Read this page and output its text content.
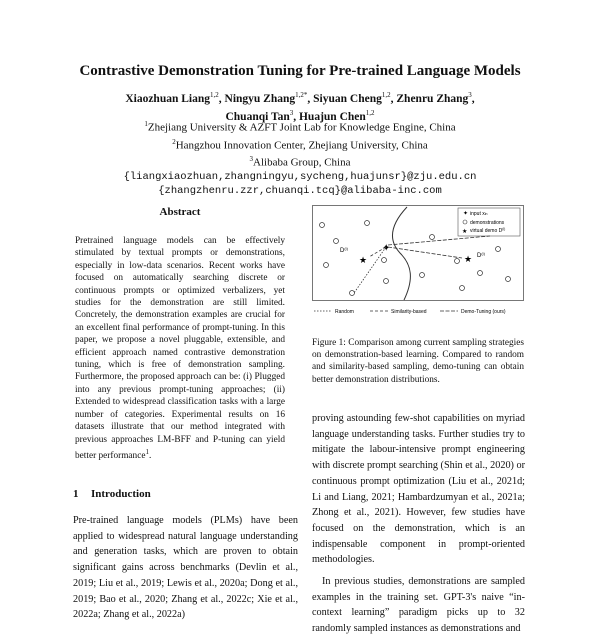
Contrastive Demonstration Tuning for Pre-trained Language Models
Xiaozhuan Liang$^{1,2}$, Ningyu Zhang$^{1,2*}$, Siyuan Cheng$^{1,2}$, Zhenru Zhang$^3$,
Chuanqi Tan$^3$, Huajun Chen$^{1,2}$
$^1$Zhejiang University & AZFT Joint Lab for Knowledge Engine, China
$^2$Hangzhou Innovation Center, Zhejiang University, China
$^3$Alibaba Group, China
{liangxiaozhuan,zhangningyu,sycheng,huajunsr}@zju.edu.cn
{zhangzhenru.zzr,chuanqi.tcq}@alibaba-inc.com
Abstract
Pretrained language models can be effectively stimulated by textual prompts or demonstrations, especially in low-data scenarios. Recent works have focused on automatically searching discrete or continuous prompts or optimized verbalizers, yet studies for the demonstration are still limited. Concretely, the demonstration examples are crucial for an excellent final performance of prompt-tuning. In this paper, we propose a novel pluggable, extensible, and efficient approach named contrastive demonstration tuning, which is free of demonstration sampling. Furthermore, the proposed approach can be: (i) Plugged into any previous prompt-tuning approaches; (ii) Extended to widespread classification tasks with a large number of categories. Experimental results on 16 datasets illustrate that our method integrated with previous approaches LM-BFF and P-tuning can yield better performance$^1$.
1 Introduction
Pre-trained language models (PLMs) have been applied to widespread natural language understanding and generation tasks, which are proven to obtain significant gains across benchmarks (Devlin et al., 2019; Liu et al., 2019; Lewis et al., 2020a; Dong et al., 2019; Bao et al., 2020; Zhang et al., 2022c; Xie et al., 2022a; Zhang et al., 2022a)
✦ input xin
demonstrations
★ virtual demo $D^{(i)}$
✦
★
$D^{(i)}$
★ $D^{(i)}$
Random	Similarity-based	Demo-Tuning (ours)
Figure 1: Comparison among current sampling strategies on demonstration-based learning. Compared to random and similarity-based sampling, demo-tuning can obtain better demonstration distributions.

proving astounding few-shot capabilities on myriad language understanding tasks. Further studies try to mitigate the labour-intensive prompt engineering with discrete prompt searching (Shin et al., 2020) or continuous prompt optimization (Liu et al., 2021d; Li and Liang, 2021; Hambardzumyan et al., 2021a; Zhong et al., 2021). However, few studies have focused on the demonstration, which is an indispensable component in prompt-oriented methodologies.

In previous studies, demonstrations are sampled examples in the training set. GPT-3's naive “in-context learning” paradigm picks up to 32 randomly sampled instances as demonstrations and
